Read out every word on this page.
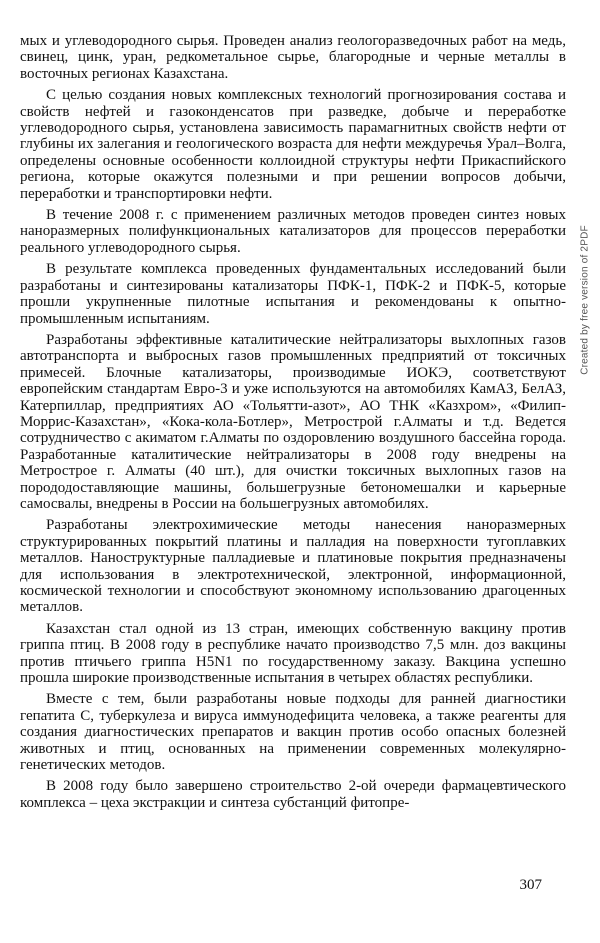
мых и углеводородного сырья. Проведен анализ геологоразведочных работ на медь, свинец, цинк, уран, редкометальное сырье, благородные и черные металлы в восточных регионах Казахстана.

С целью создания новых комплексных технологий прогнозирования состава и свойств нефтей и газоконденсатов при разведке, добыче и переработке углеводородного сырья, установлена зависимость парамагнитных свойств нефти от глубины их залегания и геологического возраста для нефти междуречья Урал–Волга, определены основные особенности коллоидной структуры нефти Прикаспийского региона, которые окажутся полезными и при решении вопросов добычи, переработки и транспортировки нефти.

В течение 2008 г. с применением различных методов проведен синтез новых наноразмерных полифункциональных катализаторов для процессов переработки реального углеводородного сырья.

В результате комплекса проведенных фундаментальных исследований были разработаны и синтезированы катализаторы ПФК-1, ПФК-2 и ПФК-5, которые прошли укрупненные пилотные испытания и рекомендованы к опытно-промышленным испытаниям.

Разработаны эффективные каталитические нейтрализаторы выхлопных газов автотранспорта и выбросных газов промышленных предприятий от токсичных примесей. Блочные катализаторы, производимые ИОКЭ, соответствуют европейским стандартам Евро-3 и уже используются на автомобилях КамАЗ, БелАЗ, Катерпиллар, предприятиях АО «Тольятти-азот», АО ТНК «Казхром», «Филип-Моррис-Казахстан», «Кока-кола-Ботлер», Метрострой г.Алматы и т.д. Ведется сотрудничество с акиматом г.Алматы по оздоровлению воздушного бассейна города. Разработанные каталитические нейтрализаторы в 2008 году внедрены на Метрострое г. Алматы (40 шт.), для очистки токсичных выхлопных газов на порододоставляющие машины, большегрузные бетономешалки и карьерные самосвалы, внедрены в России на большегрузных автомобилях.

Разработаны электрохимические методы нанесения наноразмерных структурированных покрытий платины и палладия на поверхности тугоплавких металлов. Наноструктурные палладиевые и платиновые покрытия предназначены для использования в электротехнической, электронной, информационной, космической технологии и способствуют экономному использованию драгоценных металлов.

Казахстан стал одной из 13 стран, имеющих собственную вакцину против гриппа птиц. В 2008 году в республике начато производство 7,5 млн. доз вакцины против птичьего гриппа H5N1 по государственному заказу. Вакцина успешно прошла широкие производственные испытания в четырех областях республики.

Вместе с тем, были разработаны новые подходы для ранней диагностики гепатита С, туберкулеза и вируса иммунодефицита человека, а также реагенты для создания диагностических препаратов и вакцин против особо опасных болезней животных и птиц, основанных на применении современных молекулярно-генетических методов.

В 2008 году было завершено строительство 2-ой очереди фармацевтического комплекса – цеха экстракции и синтеза субстанций фитопре-

Created by free version of 2PDF
307
